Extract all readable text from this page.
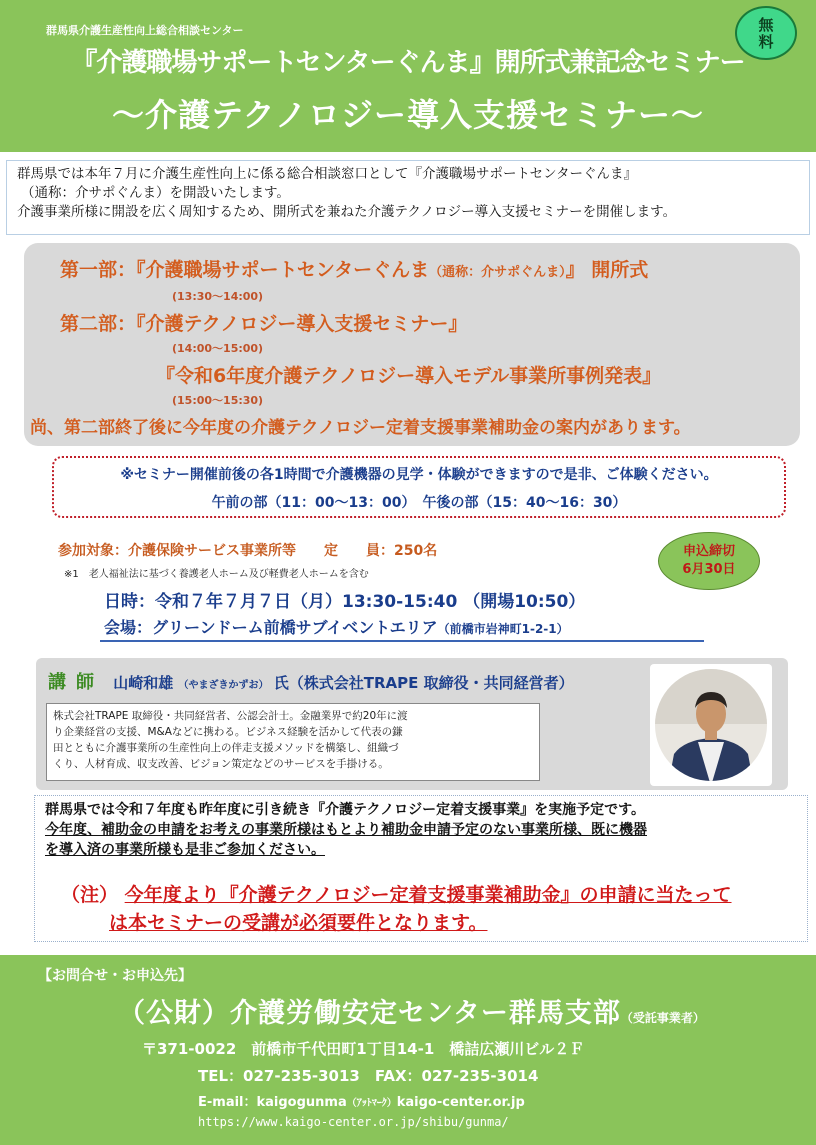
群馬県介護生産性向上総合相談センター
『介護職場サポートセンターぐんま』開所式兼記念セミナー
～介護テクノロジー導入支援セミナー～
無
料

群馬県では本年７月に介護生産性向上に係る総合相談窓口として『介護職場サポートセンターぐんま』

（通称：介サポぐんま）を開設いたします。

介護事業所様に開設を広く周知するため、開所式を兼ねた介護テクノロジー導入支援セミナーを開催します。

第一部：『介護職場サポートセンターぐんま（通称：介サポぐんま）』 開所式
(13:30～14:00)
第二部：『介護テクノロジー導入支援セミナー』
(14:00～15:00)
『令和6年度介護テクノロジー導入モデル事業所事例発表』
(15:00～15:30)
尚、第二部終了後に今年度の介護テクノロジー定着支援事業補助金の案内があります。
※セミナー開催前後の各1時間で介護機器の見学・体験ができますので是非、ご体験ください。
午前の部（11：00～13：00）　午後の部（15：40～16：30）
参加対象：介護保険サービス事業所等　　定　　員：250名
※1　老人福祉法に基づく養護老人ホーム及び軽費老人ホームを含む
日時：令和７年７月７日（月）13:30-15:40 （開場10:50）
会場：グリーンドーム前橋サブイベントエリア（前橋市岩神町1-2-1）
申込締切
6月30日
講師 山崎和雄 （やまざきかずお） 氏（株式会社TRAPE 取締役・共同経営者）

株式会社TRAPE 取締役・共同経営者、公認会計士。金融業界で約20年に渡

り企業経営の支援、M&Aなどに携わる。ビジネス経験を活かして代表の鎌

田とともに介護事業所の生産性向上の伴走支援メソッドを構築し、組織づ

くり、人材育成、収支改善、ビジョン策定などのサービスを手掛ける。

群馬県では令和７年度も昨年度に引き続き『介護テクノロジー定着支援事業』を実施予定です。
今年度、補助金の申請をお考えの事業所様はもとより補助金申請予定のない事業所様、既に機器
を導入済の事業所様も是非ご参加ください。
（注） 今年度より『介護テクノロジー定着支援事業補助金』の申請に当たって
は本セミナーの受講が必須要件となります。
【お問合せ・お申込先】
（公財）介護労働安定センター群馬支部（受託事業者）
〒371-0022　前橋市千代田町1丁目14-1　橋詰広瀬川ビル２Ｆ
TEL：027-235-3013　FAX：027-235-3014
E-mail：kaigogunma（ｱｯﾄﾏｰｸ）kaigo-center.or.jp
https://www.kaigo-center.or.jp/shibu/gunma/
